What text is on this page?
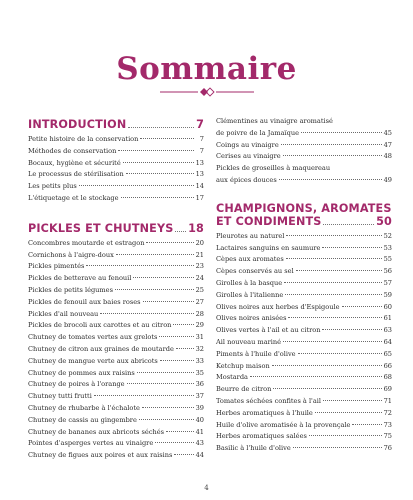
Sommaire
INTRODUCTION	7
Petite histoire de la conservation	7
Méthodes de conservation	7
Bocaux, hygiène et sécurité	13
Le processus de stérilisation	13
Les petits plus	14
L'étiquetage et le stockage	17
PICKLES ET CHUTNEYS 18
Concombres moutarde et estragon	20
Cornichons à l'aigre-doux	21
Pickles pimentés	23
Pickles de betterave au fenouil	24
Pickles de petits légumes	25
Pickles de fenouil aux baies roses	27
Pickles d'ail nouveau	28
Pickles de brocoli aux carottes et au citron	29
Chutney de tomates vertes aux grelots	31
Chutney de citron aux graines de moutarde	32
Chutney de mangue verte aux abricots	33
Chutney de pommes aux raisins	35
Chutney de poires à l'orange	36
Chutney tutti frutti	37
Chutney de rhubarbe à l'échalote	39
Chutney de cassis au gingembre	40
Chutney de bananes aux abricots séchés	41
Pointes d'asperges vertes au vinaigre	43
Chutney de figues aux poires et aux raisins	44
Clémentines au vinaigre aromatisé
de poivre de la Jamaïque	45
Coings au vinaigre	47
Cerises au vinaigre	48
Pickles de groseilles à maquereau
aux épices douces	49
CHAMPIGNONS, AROMATES
ET CONDIMENTS	50
Pleurotes au naturel	52
Lactaires sanguins en saumure	53
Cèpes aux aromates	55
Cèpes conservés au sel	56
Girolles à la basque	57
Girolles à l'italienne	59
Olives noires aux herbes d'Espigoule	60
Olives noires anisées	61
Olives vertes à l'ail et au citron	63
Ail nouveau mariné	64
Piments à l'huile d'olive	65
Ketchup maison	66
Mostarda	68
Beurre de citron	69
Tomates séchées confites à l'ail	71
Herbes aromatiques à l'huile	72
Huile d'olive aromatisée à la provençale	73
Herbes aromatiques salées	75
Basilic à l'huile d'olive	76
4
